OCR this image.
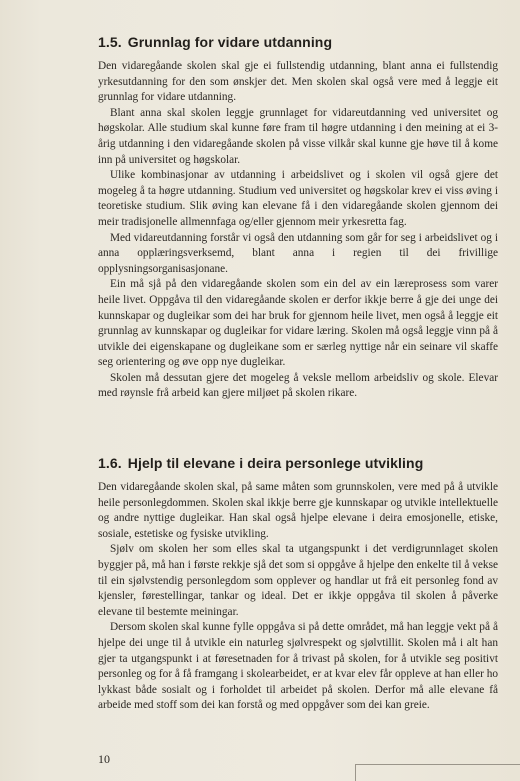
1.5. Grunnlag for vidare utdanning

Den vidaregåande skolen skal gje ei fullstendig utdanning, blant anna ei fullstendig yrkesutdanning for den som ønskjer det. Men skolen skal også vere med å leggje eit grunnlag for vidare utdanning.

Blant anna skal skolen leggje grunnlaget for vidareutdanning ved universitet og høgskolar. Alle studium skal kunne føre fram til høgre utdanning i den meining at ei 3-årig utdanning i den vidaregåande skolen på visse vilkår skal kunne gje høve til å kome inn på universitet og høgskolar.

Ulike kombinasjonar av utdanning i arbeidslivet og i skolen vil også gjere det mogeleg å ta høgre utdanning. Studium ved universitet og høgskolar krev ei viss øving i teoretiske studium. Slik øving kan elevane få i den vidaregåande skolen gjennom dei meir tradisjonelle allmennfaga og/eller gjennom meir yrkesretta fag.

Med vidareutdanning forstår vi også den utdanning som går for seg i arbeidslivet og i anna opplæringsverksemd, blant anna i regien til dei frivillige opplysningsorganisasjonane.

Ein må sjå på den vidaregåande skolen som ein del av ein læreprosess som varer heile livet. Oppgåva til den vidaregåande skolen er derfor ikkje berre å gje dei unge dei kunnskapar og dugleikar som dei har bruk for gjennom heile livet, men også å leggje eit grunnlag av kunnskapar og dugleikar for vidare læring. Skolen må også leggje vinn på å utvikle dei eigenskapane og dugleikane som er særleg nyttige når ein seinare vil skaffe seg orientering og øve opp nye dugleikar.

Skolen må dessutan gjere det mogeleg å veksle mellom arbeidsliv og skole. Elevar med røynsle frå arbeid kan gjere miljøet på skolen rikare.

1.6. Hjelp til elevane i deira personlege utvikling

Den vidaregåande skolen skal, på same måten som grunnskolen, vere med på å utvikle heile personlegdommen. Skolen skal ikkje berre gje kunnskapar og utvikle intellektuelle og andre nyttige dugleikar. Han skal også hjelpe elevane i deira emosjonelle, etiske, sosiale, estetiske og fysiske utvikling.

Sjølv om skolen her som elles skal ta utgangspunkt i det verdigrunnlaget skolen byggjer på, må han i første rekkje sjå det som si oppgåve å hjelpe den enkelte til å vekse til ein sjølvstendig personlegdom som opplever og handlar ut frå eit personleg fond av kjensler, førestellingar, tankar og ideal. Det er ikkje oppgåva til skolen å påverke elevane til bestemte meiningar.

Dersom skolen skal kunne fylle oppgåva si på dette området, må han leggje vekt på å hjelpe dei unge til å utvikle ein naturleg sjølvrespekt og sjølvtillit. Skolen må i alt han gjer ta utgangspunkt i at føresetnaden for å trivast på skolen, for å utvikle seg positivt personleg og for å få framgang i skolearbeidet, er at kvar elev får oppleve at han eller ho lykkast både sosialt og i forholdet til arbeidet på skolen. Derfor må alle elevane få arbeide med stoff som dei kan forstå og med oppgåver som dei kan greie.

10
